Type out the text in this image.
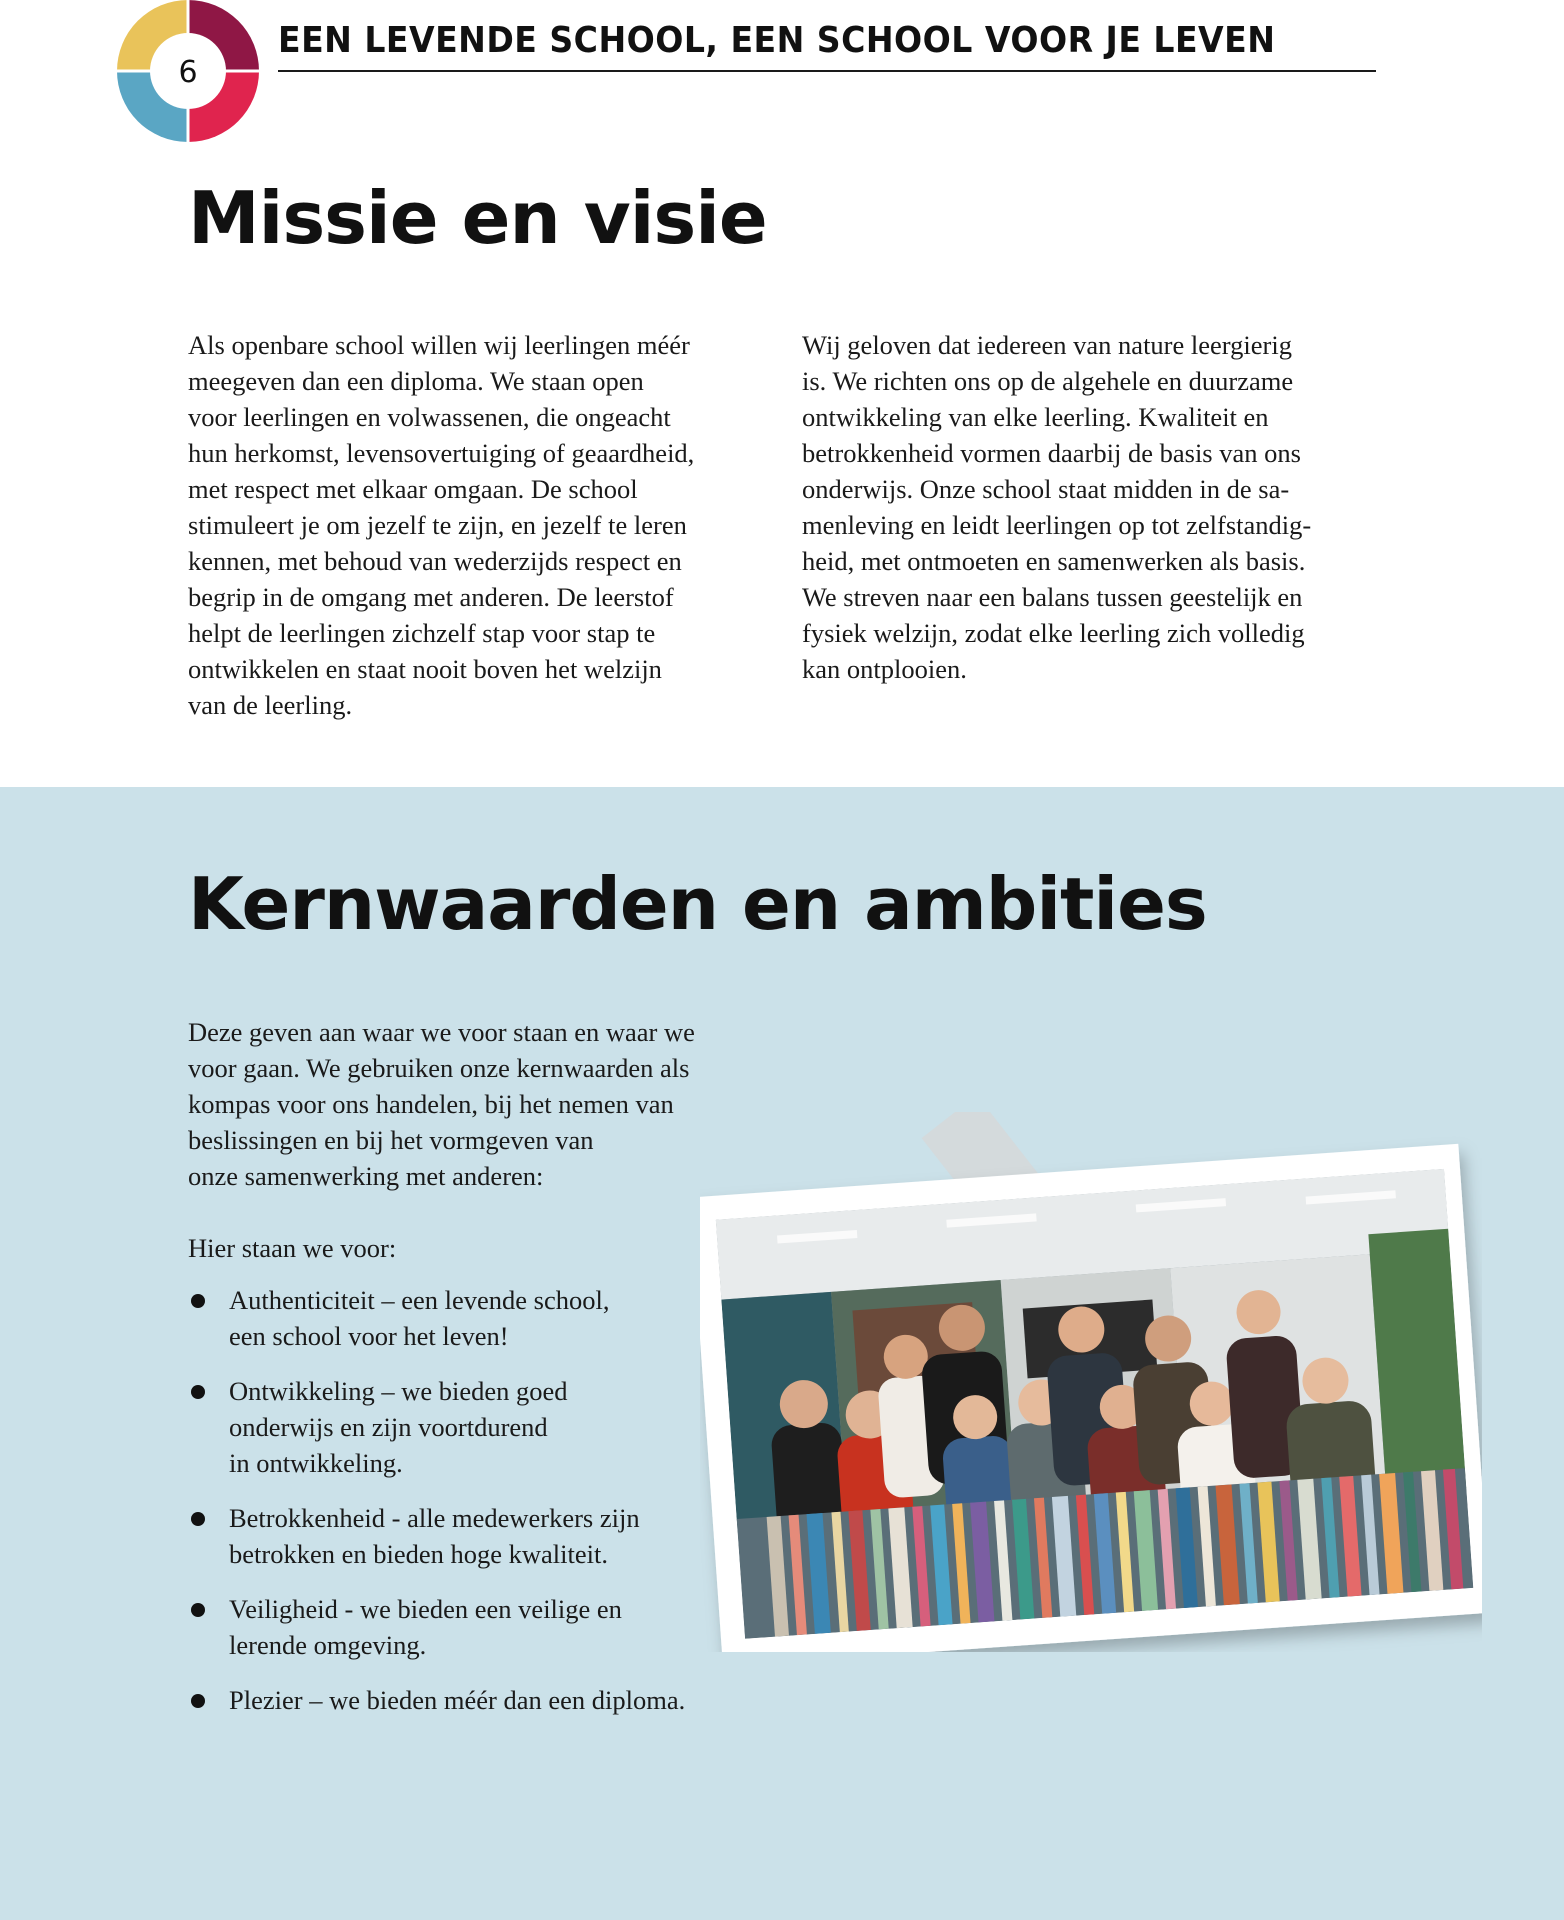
6
EEN LEVENDE SCHOOL, EEN SCHOOL VOOR JE LEVEN
Missie en visie

Als openbare school willen wij leerlingen méér
meegeven dan een diploma. We staan open
voor leerlingen en volwassenen, die ongeacht
hun herkomst, levensovertuiging of geaardheid,
met respect met elkaar omgaan. De school
stimuleert je om jezelf te zijn, en jezelf te leren
kennen, met behoud van wederzijds respect en
begrip in de omgang met anderen. De leerstof
helpt de leerlingen zichzelf stap voor stap te
ontwikkelen en staat nooit boven het welzijn
van de leerling.

Wij geloven dat iedereen van nature leergierig
is. We richten ons op de algehele en duurzame
ontwikkeling van elke leerling. Kwaliteit en
betrokkenheid vormen daarbij de basis van ons
onderwijs. Onze school staat midden in de sa-
menleving en leidt leerlingen op tot zelfstandig-
heid, met ontmoeten en samenwerken als basis.
We streven naar een balans tussen geestelijk en
fysiek welzijn, zodat elke leerling zich volledig
kan ontplooien.

Kernwaarden en ambities

Deze geven aan waar we voor staan en waar we
voor gaan. We gebruiken onze kernwaarden als
kompas voor ons handelen, bij het nemen van
beslissingen en bij het vormgeven van
onze samenwerking met anderen:

Hier staan we voor:

Authenticiteit – een levende school,
een school voor het leven!
Ontwikkeling – we bieden goed
onderwijs en zijn voortdurend
in ontwikkeling.
Betrokkenheid - alle medewerkers zijn
betrokken en bieden hoge kwaliteit.
Veiligheid - we bieden een veilige en
lerende omgeving.
Plezier – we bieden méér dan een diploma.
